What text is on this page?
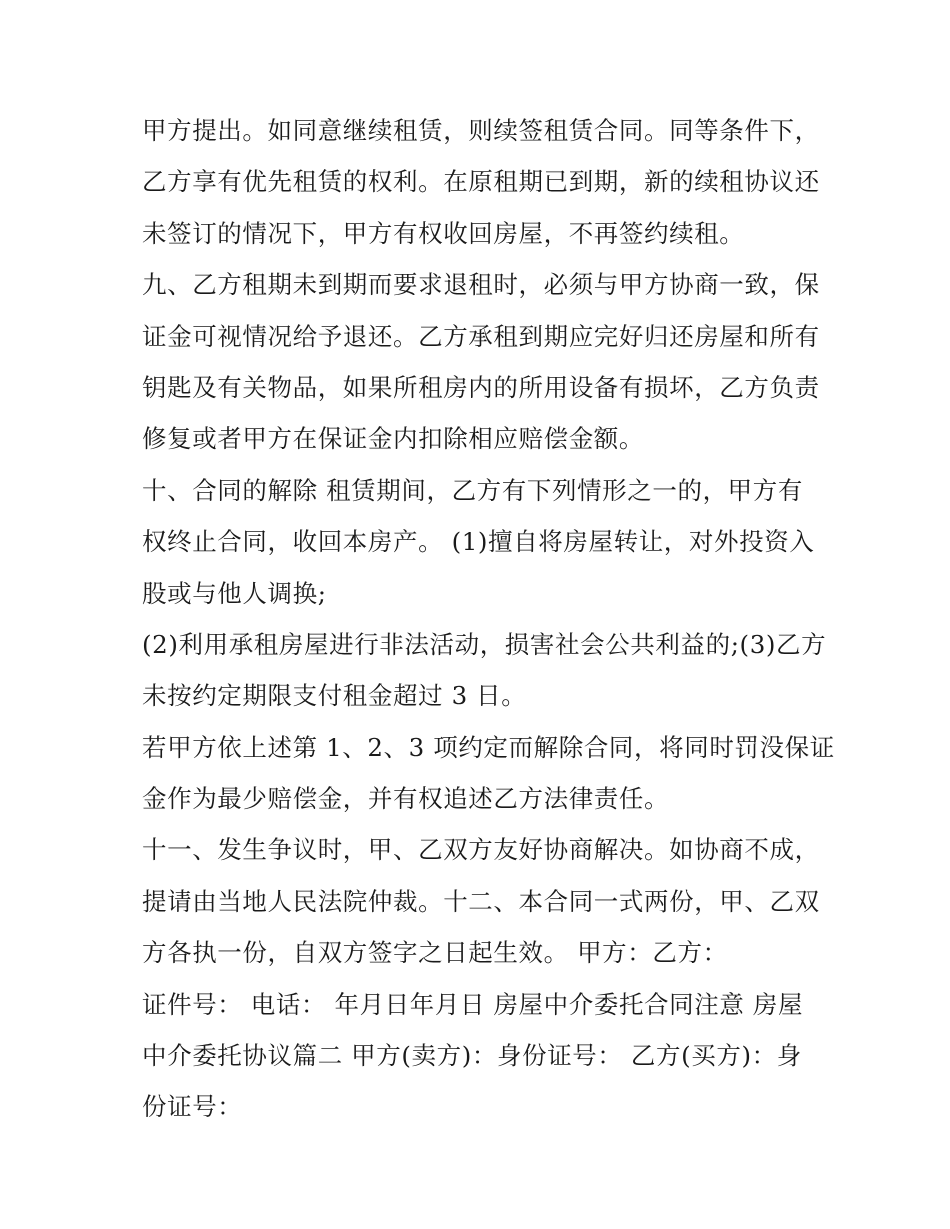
甲方提出。如同意继续租赁，则续签租赁合同。同等条件下，
乙方享有优先租赁的权利。在原租期已到期，新的续租协议还
未签订的情况下，甲方有权收回房屋，不再签约续租。
九、乙方租期未到期而要求退租时，必须与甲方协商一致，保
证金可视情况给予退还。乙方承租到期应完好归还房屋和所有
钥匙及有关物品，如果所租房内的所用设备有损坏，乙方负责
修复或者甲方在保证金内扣除相应赔偿金额。
十、合同的解除 租赁期间，乙方有下列情形之一的，甲方有
权终止合同，收回本房产。 (1)擅自将房屋转让，对外投资入
股或与他人调换;
(2)利用承租房屋进行非法活动，损害社会公共利益的;(3)乙方
未按约定期限支付租金超过 3 日。
若甲方依上述第 1、2、3 项约定而解除合同，将同时罚没保证
金作为最少赔偿金，并有权追述乙方法律责任。
十一、发生争议时，甲、乙双方友好协商解决。如协商不成，
提请由当地人民法院仲裁。十二、本合同一式两份，甲、乙双
方各执一份，自双方签字之日起生效。 甲方：乙方：
证件号： 电话： 年月日年月日 房屋中介委托合同注意 房屋
中介委托协议篇二 甲方(卖方)：身份证号： 乙方(买方)：身
份证号：
